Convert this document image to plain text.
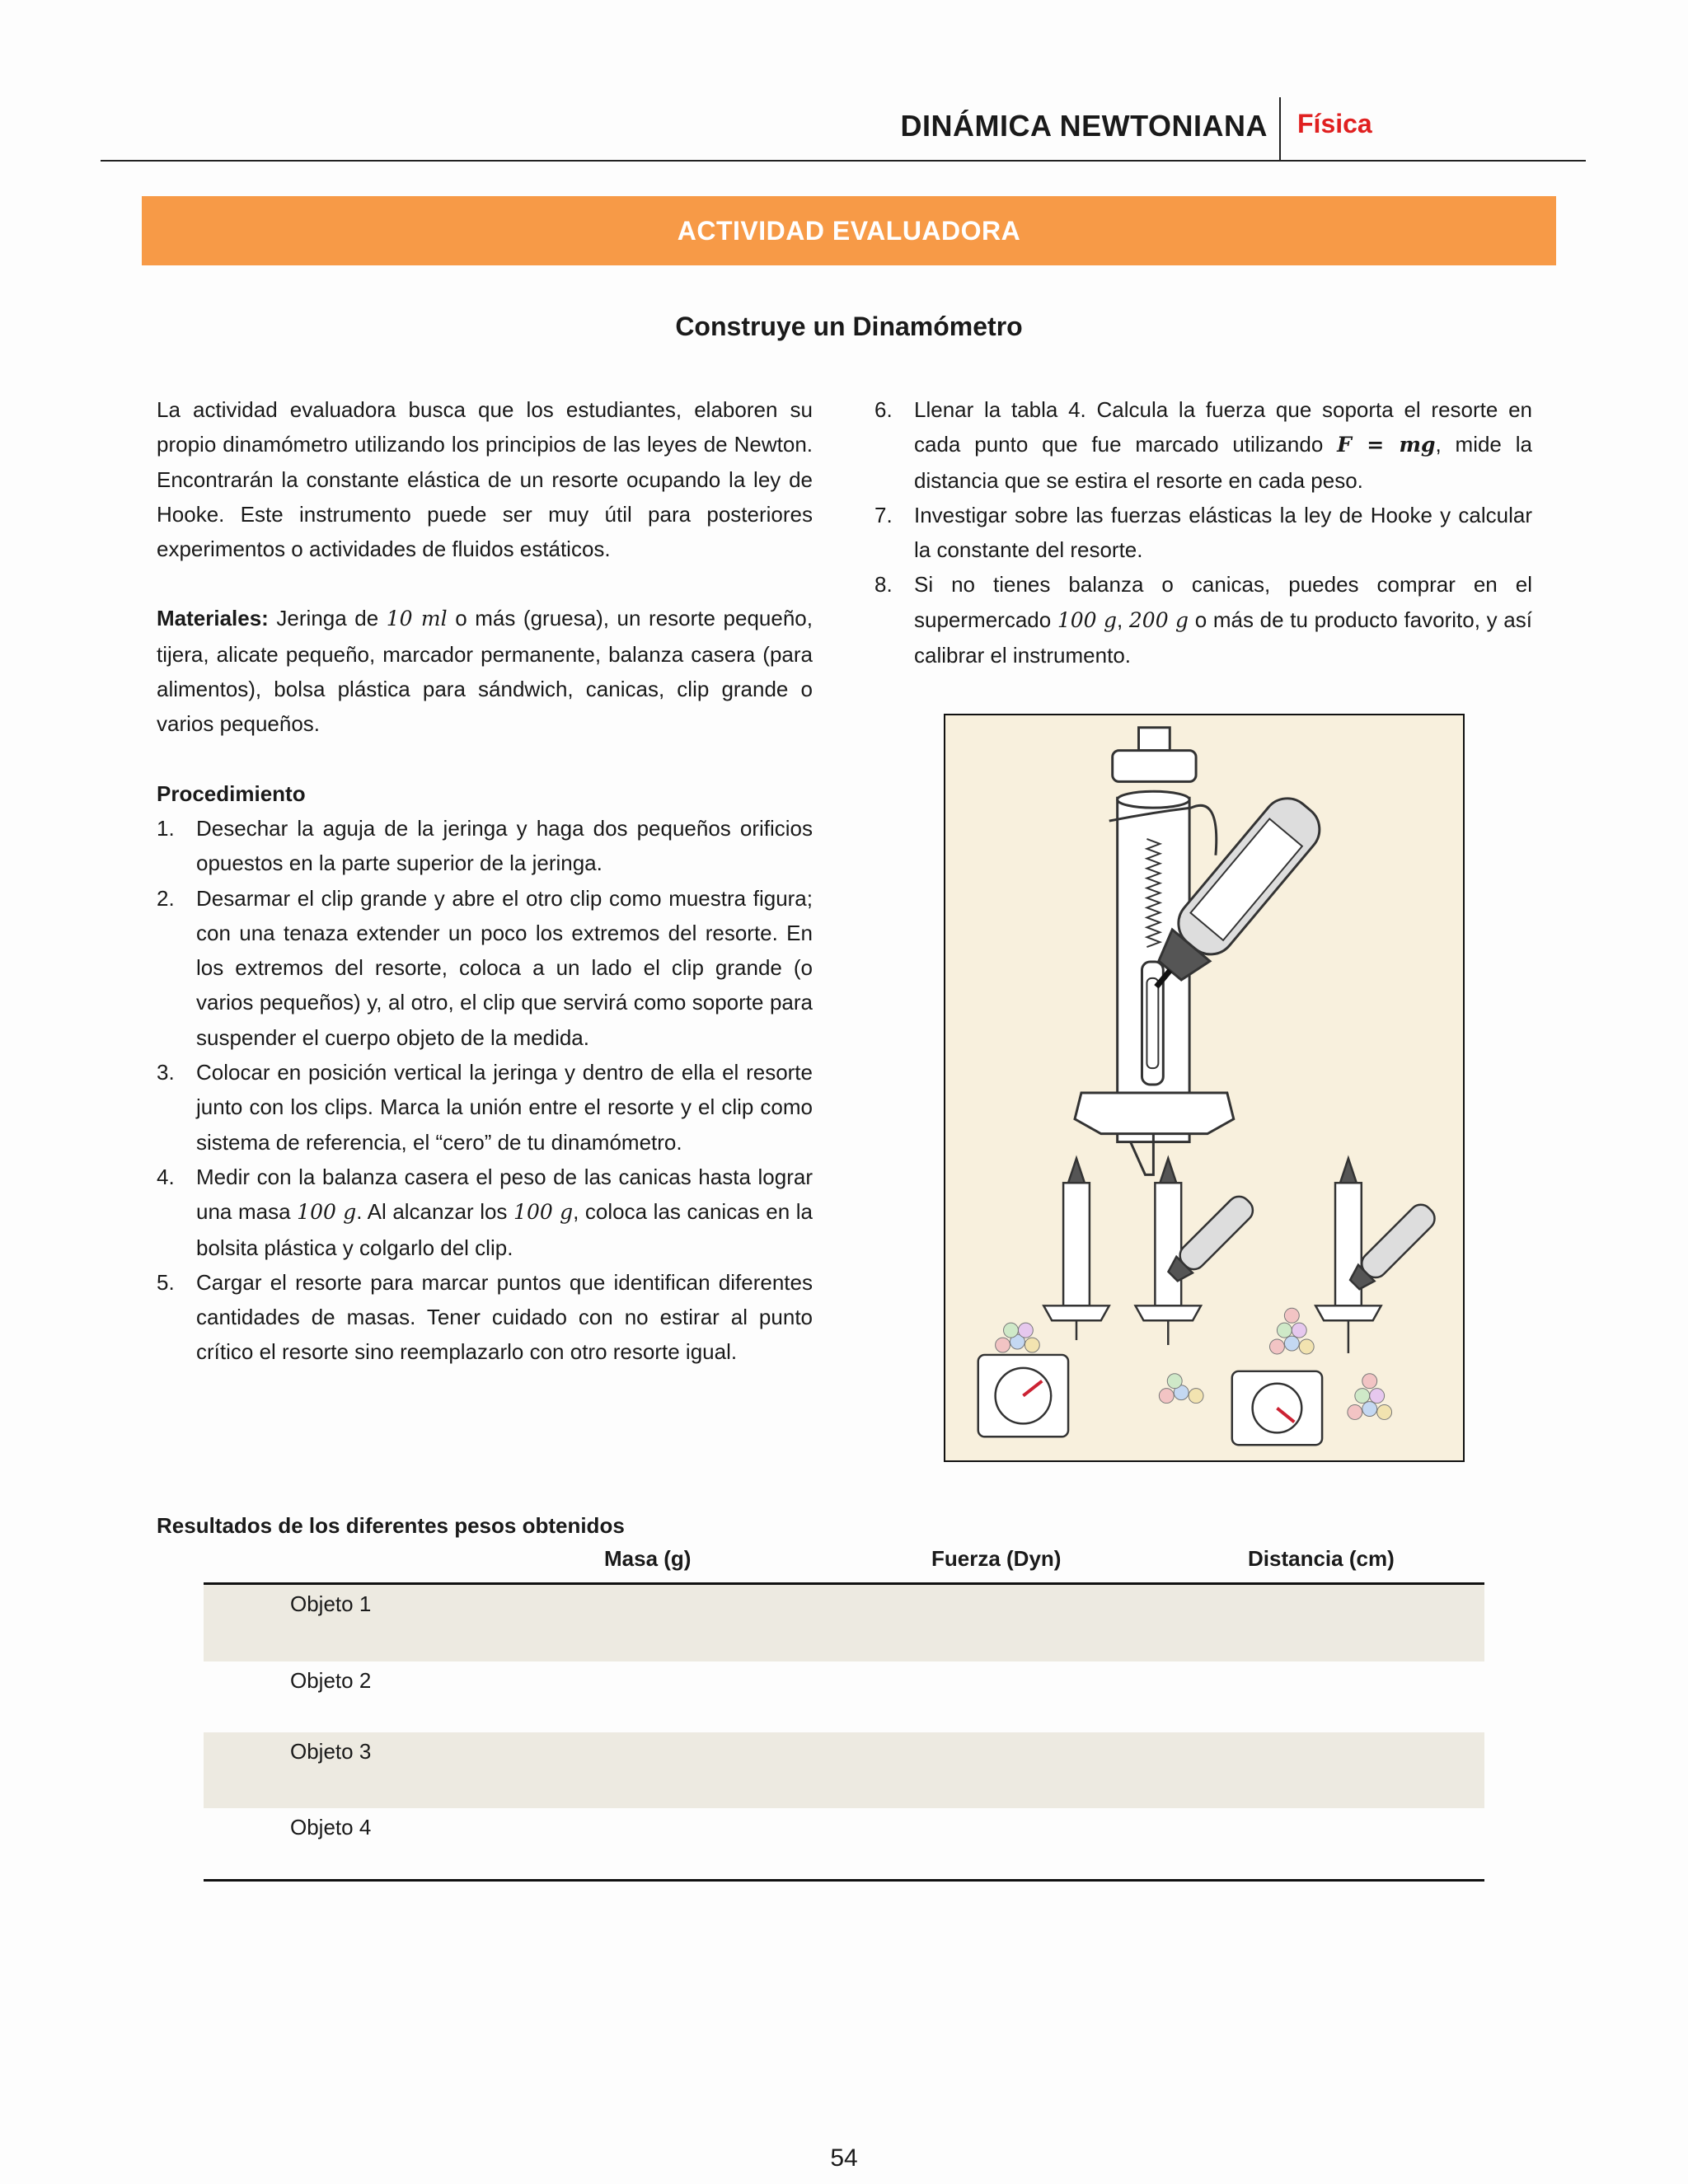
DINÁMICA NEWTONIANA Física
ACTIVIDAD EVALUADORA
Construye un Dinamómetro

La actividad evaluadora busca que los estudiantes, elaboren su propio dinamómetro utilizando los principios de las leyes de Newton. Encontrarán la constante elástica de un resorte ocupando la ley de Hooke. Este instrumento puede ser muy útil para posteriores experimentos o actividades de fluidos estáticos.

Materiales: Jeringa de 10 ml o más (gruesa), un resorte pequeño, tijera, alicate pequeño, marcador permanente, balanza casera (para alimentos), bolsa plástica para sándwich, canicas, clip grande o varios pequeños.

Procedimiento

1. Desechar la aguja de la jeringa y haga dos pequeños orificios opuestos en la parte superior de la jeringa.
2. Desarmar el clip grande y abre el otro clip como muestra figura; con una tenaza extender un poco los extremos del resorte. En los extremos del resorte, coloca a un lado el clip grande (o varios pequeños) y, al otro, el clip que servirá como soporte para suspender el cuerpo objeto de la medida.
3. Colocar en posición vertical la jeringa y dentro de ella el resorte junto con los clips. Marca la unión entre el resorte y el clip como sistema de referencia, el “cero” de tu dinamómetro.
4. Medir con la balanza casera el peso de las canicas hasta lograr una masa 100 g. Al alcanzar los 100 g, coloca las canicas en la bolsita plástica y colgarlo del clip.
5. Cargar el resorte para marcar puntos que identifican diferentes cantidades de masas. Tener cuidado con no estirar al punto crítico el resorte sino reemplazarlo con otro resorte igual.
6. Llenar la tabla 4. Calcula la fuerza que soporta el resorte en cada punto que fue marcado utilizando F = mg, mide la distancia que se estira el resorte en cada peso.
7. Investigar sobre las fuerzas elásticas la ley de Hooke y calcular la constante del resorte.
8. Si no tienes balanza o canicas, puedes comprar en el supermercado 100 g, 200 g o más de tu producto favorito, y así calibrar el instrumento.
Resultados de los diferentes pesos obtenidos
Masa (g)	Fuerza (Dyn)	Distancia (cm)
Objeto 1
Objeto 2
Objeto 3
Objeto 4
54
